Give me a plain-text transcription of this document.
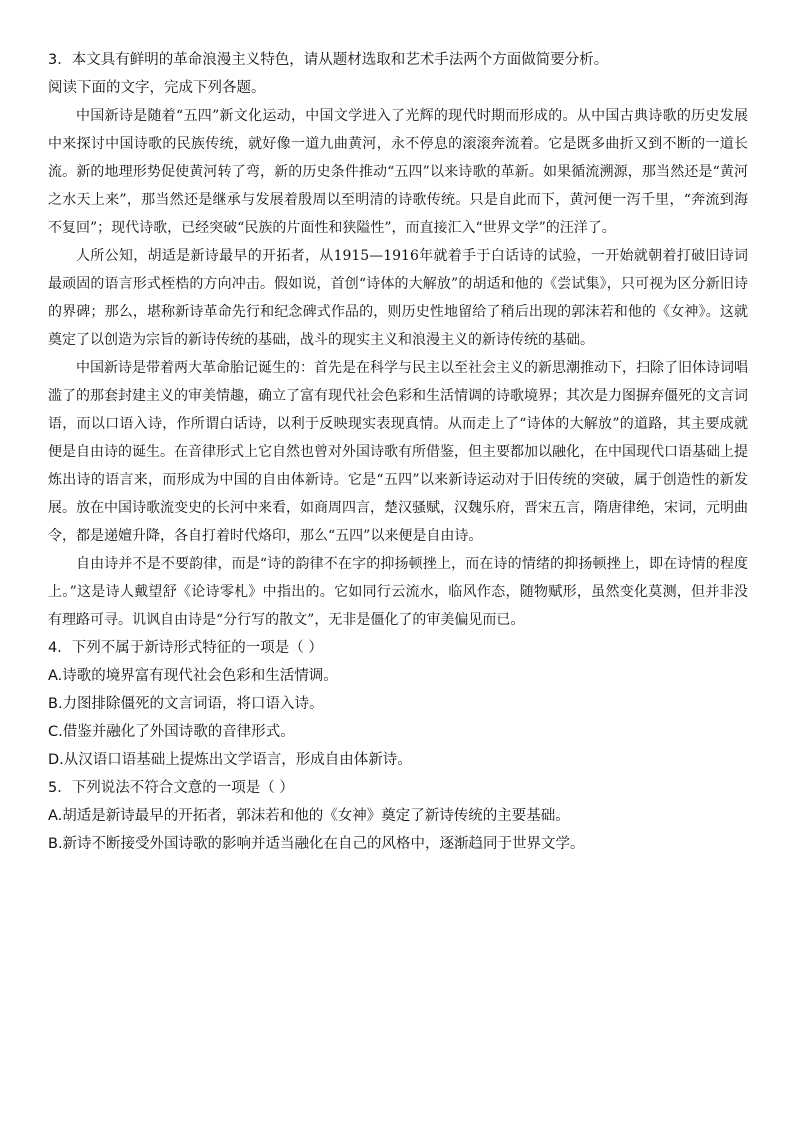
3．本文具有鲜明的革命浪漫主义特色，请从题材选取和艺术手法两个方面做简要分析。

阅读下面的文字，完成下列各题。

中国新诗是随着“五四”新文化运动，中国文学进入了光辉的现代时期而形成的。从中国古典诗歌的历史发展中来探讨中国诗歌的民族传统，就好像一道九曲黄河，永不停息的滚滚奔流着。它是既多曲折又到不断的一道长流。新的地理形势促使黄河转了弯，新的历史条件推动“五四”以来诗歌的革新。如果循流溯源，那当然还是“黄河之水天上来”，那当然还是继承与发展着殷周以至明清的诗歌传统。只是自此而下，黄河便一泻千里，“奔流到海不复回”；现代诗歌，已经突破“民族的片面性和狭隘性”，而直接汇入“世界文学”的汪洋了。

人所公知，胡适是新诗最早的开拓者，从1915—1916年就着手于白话诗的试验，一开始就朝着打破旧诗词最顽固的语言形式桎梏的方向冲击。假如说，首创“诗体的大解放”的胡适和他的《尝试集》，只可视为区分新旧诗的界碑；那么，堪称新诗革命先行和纪念碑式作品的，则历史性地留给了稍后出现的郭沫若和他的《女神》。这就奠定了以创造为宗旨的新诗传统的基础，战斗的现实主义和浪漫主义的新诗传统的基础。

中国新诗是带着两大革命胎记诞生的：首先是在科学与民主以至社会主义的新思潮推动下，扫除了旧体诗词唱滥了的那套封建主义的审美情趣，确立了富有现代社会色彩和生活情调的诗歌境界；其次是力图摒弃僵死的文言词语，而以口语入诗，作所谓白话诗，以利于反映现实表现真情。从而走上了“诗体的大解放”的道路，其主要成就便是自由诗的诞生。在音律形式上它自然也曾对外国诗歌有所借鉴，但主要都加以融化，在中国现代口语基础上提炼出诗的语言来，而形成为中国的自由体新诗。它是“五四”以来新诗运动对于旧传统的突破，属于创造性的新发展。放在中国诗歌流变史的长河中来看，如商周四言，楚汉骚赋，汉魏乐府，晋宋五言，隋唐律绝，宋词，元明曲令，都是递嬗升降，各自打着时代烙印，那么“五四”以来便是自由诗。

自由诗并不是不要韵律，而是“诗的韵律不在字的抑扬顿挫上，而在诗的情绪的抑扬顿挫上，即在诗情的程度上。”这是诗人戴望舒《论诗零札》中指出的。它如同行云流水，临风作态，随物赋形，虽然变化莫测，但并非没有理路可寻。讥讽自由诗是“分行写的散文”，无非是僵化了的审美偏见而已。

4．下列不属于新诗形式特征的一项是（ ）

A.诗歌的境界富有现代社会色彩和生活情调。

B.力图排除僵死的文言词语，将口语入诗。

C.借鉴并融化了外国诗歌的音律形式。

D.从汉语口语基础上提炼出文学语言，形成自由体新诗。

5．下列说法不符合文意的一项是（ ）

A.胡适是新诗最早的开拓者，郭沫若和他的《女神》奠定了新诗传统的主要基础。

B.新诗不断接受外国诗歌的影响并适当融化在自己的风格中，逐渐趋同于世界文学。
